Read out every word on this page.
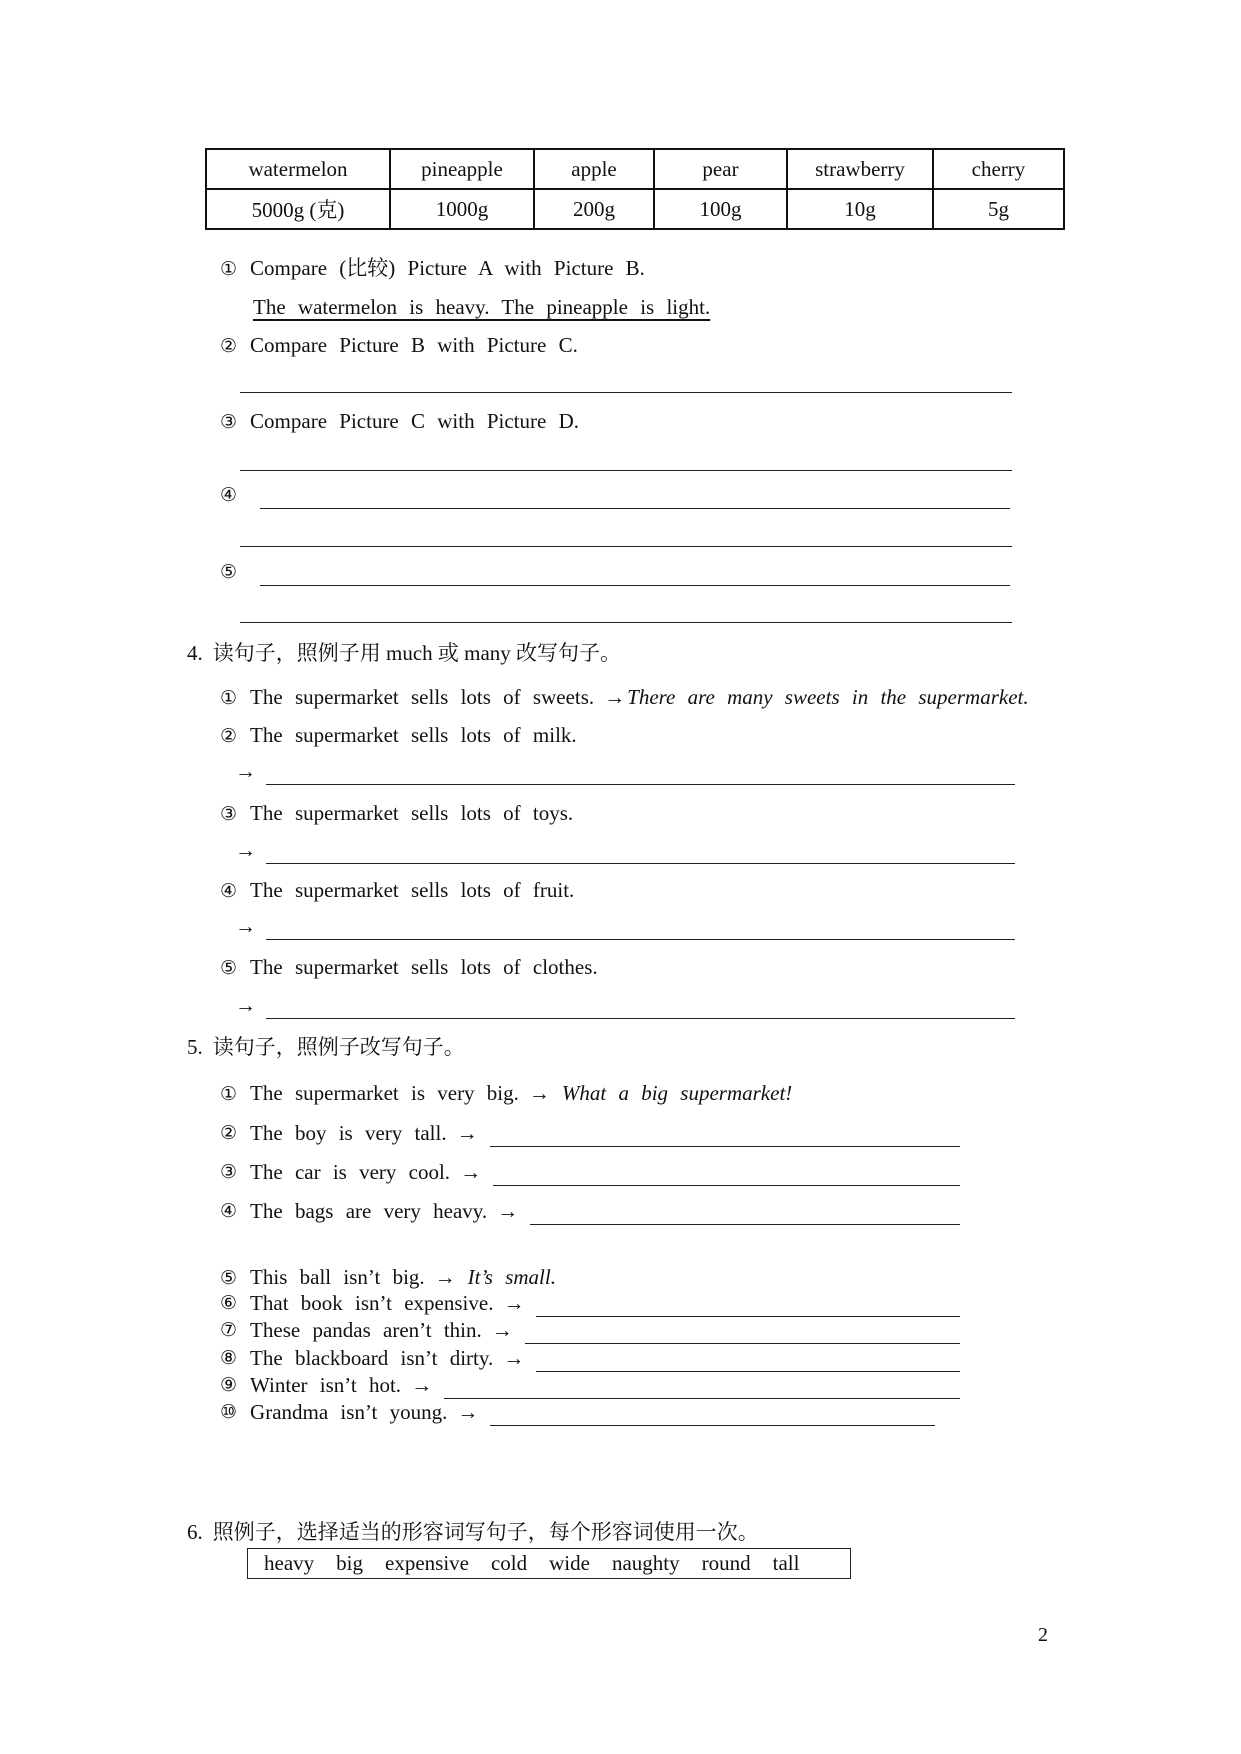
watermelon	pineapple	apple	pear	strawberry	cherry
5000g (克)	1000g	200g	100g	10g	5g
① Compare (比较) Picture A with Picture B.
The watermelon is heavy. The pineapple is light.
② Compare Picture B with Picture C.
③ Compare Picture C with Picture D.
④
⑤
4. 读句子，照例子用 much 或 many 改写句子。
① The supermarket sells lots of sweets. →There are many sweets in the supermarket.
② The supermarket sells lots of milk.
→
③ The supermarket sells lots of toys.
→
④ The supermarket sells lots of fruit.
→
⑤ The supermarket sells lots of clothes.
→
5. 读句子，照例子改写句子。
① The supermarket is very big. → What a big supermarket!
② The boy is very tall. →
③ The car is very cool. →
④ The bags are very heavy. →
⑤ This ball isn’t big. → It’s small.
⑥ That book isn’t expensive. →
⑦ These pandas aren’t thin. →
⑧ The blackboard isn’t dirty. →
⑨ Winter isn’t hot. →
⑩ Grandma isn’t young. →
6. 照例子，选择适当的形容词写句子，每个形容词使用一次。
heavy big expensive cold wide naughty round tall
2
